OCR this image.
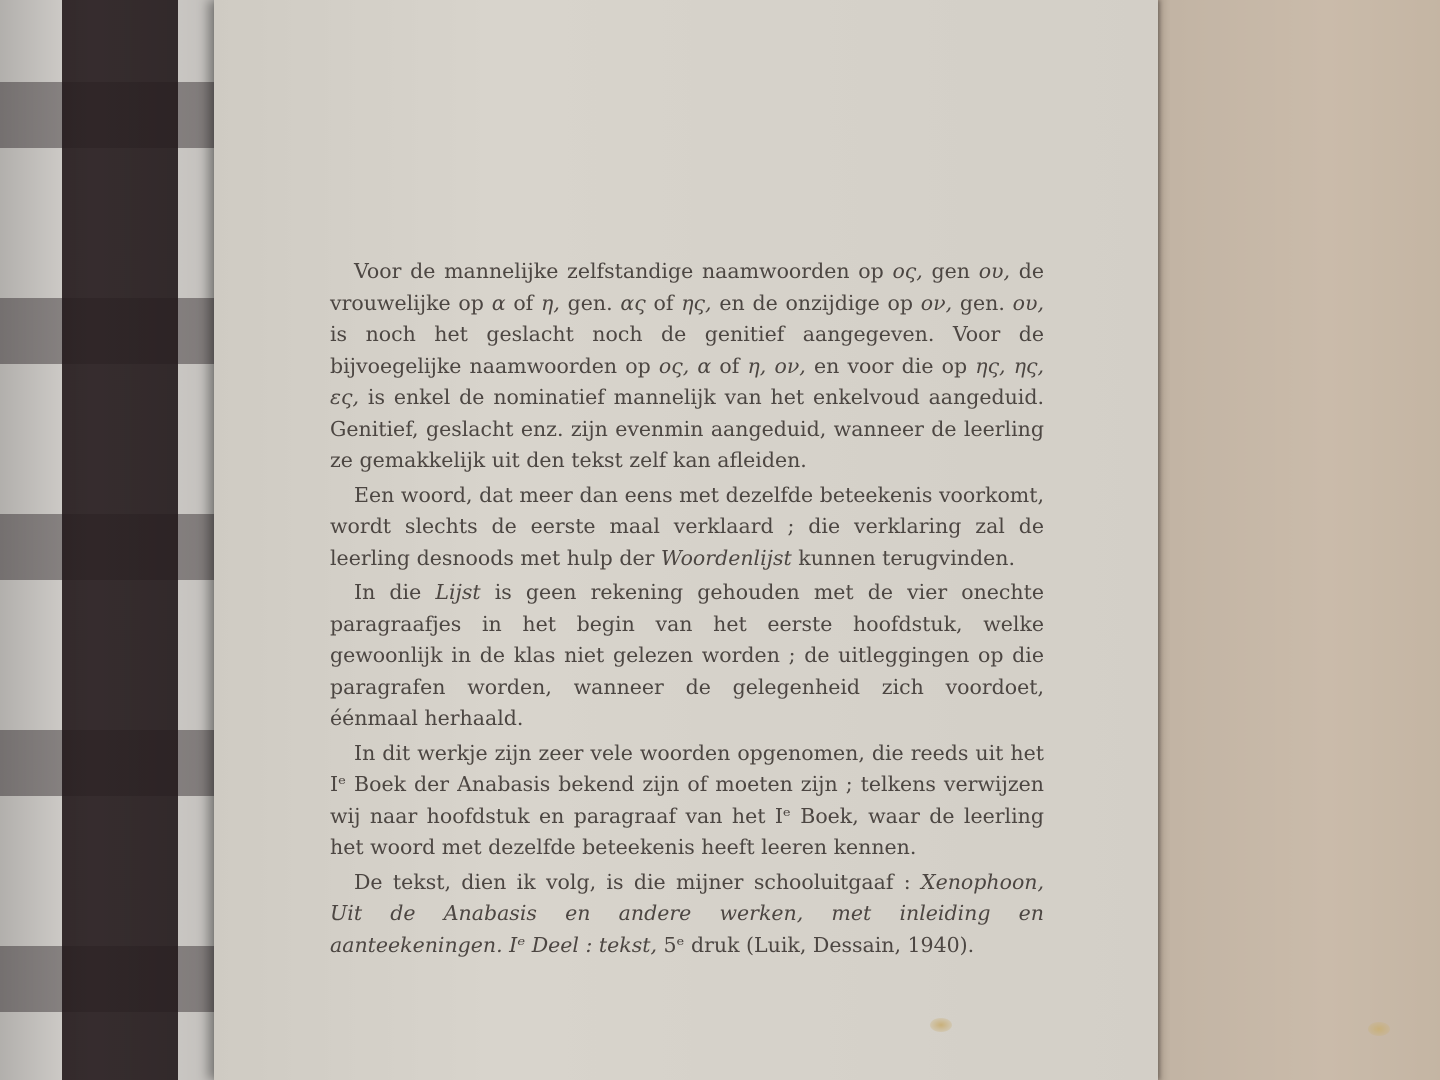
Voor de mannelijke zelfstandige naamwoorden op ος, gen ου, de vrouwelijke op α of η, gen. ας of ης, en de onzijdige op ον, gen. ου, is noch het geslacht noch de genitief aangegeven. Voor de bijvoegelijke naamwoorden op ος, α of η, ον, en voor die op ης, ης, ες, is enkel de nominatief mannelijk van het enkelvoud aangeduid. Genitief, geslacht enz. zijn evenmin aangeduid, wanneer de leerling ze gemakkelijk uit den tekst zelf kan afleiden.

Een woord, dat meer dan eens met dezelfde beteekenis voorkomt, wordt slechts de eerste maal verklaard ; die verklaring zal de leerling desnoods met hulp der Woordenlijst kunnen terugvinden.

In die Lijst is geen rekening gehouden met de vier onechte paragraafjes in het begin van het eerste hoofdstuk, welke gewoonlijk in de klas niet gelezen worden ; de uitleggingen op die paragrafen worden, wanneer de gelegenheid zich voordoet, éénmaal herhaald.

In dit werkje zijn zeer vele woorden opgenomen, die reeds uit het Iᵉ Boek der Anabasis bekend zijn of moeten zijn ; telkens verwijzen wij naar hoofdstuk en paragraaf van het Iᵉ Boek, waar de leerling het woord met dezelfde beteekenis heeft leeren kennen.

De tekst, dien ik volg, is die mijner schooluitgaaf : Xenophoon, Uit de Anabasis en andere werken, met inleiding en aanteekeningen. Iᵉ Deel : tekst, 5ᵉ druk (Luik, Dessain, 1940).
